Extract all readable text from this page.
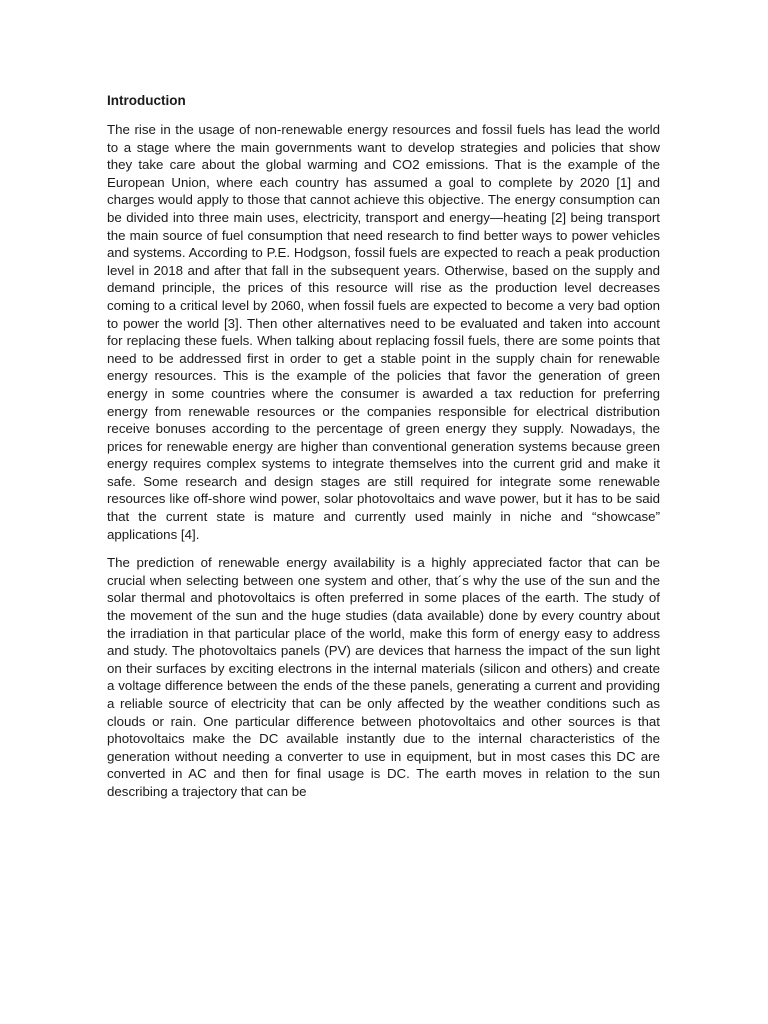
Introduction

The rise in the usage of non-renewable energy resources and fossil fuels has lead the world to a stage where the main governments want to develop strategies and policies that show they take care about the global warming and CO2 emissions. That is the example of the European Union, where each country has assumed a goal to complete by 2020 [1] and charges would apply to those that cannot achieve this objective. The energy consumption can be divided into three main uses, electricity, transport and energy—heating [2] being transport the main source of fuel consumption that need research to find better ways to power vehicles and systems. According to P.E. Hodgson, fossil fuels are expected to reach a peak production level in 2018 and after that fall in the subsequent years. Otherwise, based on the supply and demand principle, the prices of this resource will rise as the production level decreases coming to a critical level by 2060, when fossil fuels are expected to become a very bad option to power the world [3]. Then other alternatives need to be evaluated and taken into account for replacing these fuels. When talking about replacing fossil fuels, there are some points that need to be addressed first in order to get a stable point in the supply chain for renewable energy resources. This is the example of the policies that favor the generation of green energy in some countries where the consumer is awarded a tax reduction for preferring energy from renewable resources or the companies responsible for electrical distribution receive bonuses according to the percentage of green energy they supply. Nowadays, the prices for renewable energy are higher than conventional generation systems because green energy requires complex systems to integrate themselves into the current grid and make it safe. Some research and design stages are still required for integrate some renewable resources like off-shore wind power, solar photovoltaics and wave power, but it has to be said that the current state is mature and currently used mainly in niche and “showcase” applications [4].

The prediction of renewable energy availability is a highly appreciated factor that can be crucial when selecting between one system and other, that´s why the use of the sun and the solar thermal and photovoltaics is often preferred in some places of the earth. The study of the movement of the sun and the huge studies (data available) done by every country about the irradiation in that particular place of the world, make this form of energy easy to address and study. The photovoltaics panels (PV) are devices that harness the impact of the sun light on their surfaces by exciting electrons in the internal materials (silicon and others) and create a voltage difference between the ends of the these panels, generating a current and providing a reliable source of electricity that can be only affected by the weather conditions such as clouds or rain. One particular difference between photovoltaics and other sources is that photovoltaics make the DC available instantly due to the internal characteristics of the generation without needing a converter to use in equipment, but in most cases this DC are converted in AC and then for final usage is DC. The earth moves in relation to the sun describing a trajectory that can be
